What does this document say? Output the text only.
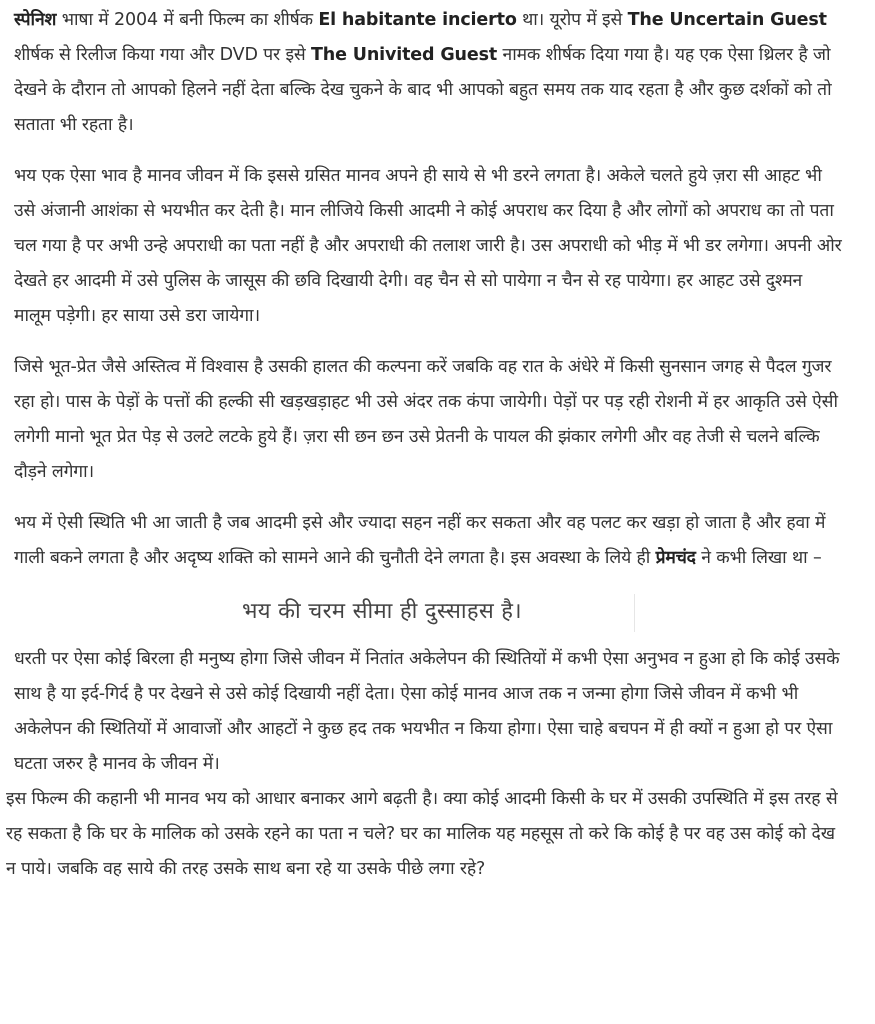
स्पेनिश भाषा में 2004 में बनी फिल्म का शीर्षक El habitante incierto था। यूरोप में इसे The Uncertain Guest शीर्षक से रिलीज किया गया और DVD पर इसे The Univited Guest नामक शीर्षक दिया गया है। यह एक ऐसा थ्रिलर है जो देखने के दौरान तो आपको हिलने नहीं देता बल्कि देख चुकने के बाद भी आपको बहुत समय तक याद रहता है और कुछ दर्शकों को तो सताता भी रहता है।

भय एक ऐसा भाव है मानव जीवन में कि इससे ग्रसित मानव अपने ही साये से भी डरने लगता है। अकेले चलते हुये ज़रा सी आहट भी उसे अंजानी आशंका से भयभीत कर देती है। मान लीजिये किसी आदमी ने कोई अपराध कर दिया है और लोगों को अपराध का तो पता चल गया है पर अभी उन्हे अपराधी का पता नहीं है और अपराधी की तलाश जारी है। उस अपराधी को भीड़ में भी डर लगेगा। अपनी ओर देखते हर आदमी में उसे पुलिस के जासूस की छवि दिखायी देगी। वह चैन से सो पायेगा न चैन से रह पायेगा। हर आहट उसे दुश्मन मालूम पड़ेगी। हर साया उसे डरा जायेगा।

जिसे भूत-प्रेत जैसे अस्तित्व में विश्वास है उसकी हालत की कल्पना करें जबकि वह रात के अंधेरे में किसी सुनसान जगह से पैदल गुजर रहा हो। पास के पेड़ों के पत्तों की हल्की सी खड़खड़ाहट भी उसे अंदर तक कंपा जायेगी। पेड़ों पर पड़ रही रोशनी में हर आकृति उसे ऐसी लगेगी मानो भूत प्रेत पेड़ से उलटे लटके हुये हैं। ज़रा सी छन छन उसे प्रेतनी के पायल की झंकार लगेगी और वह तेजी से चलने बल्कि दौड़ने लगेगा।

भय में ऐसी स्थिति भी आ जाती है जब आदमी इसे और ज्यादा सहन नहीं कर सकता और वह पलट कर खड़ा हो जाता है और हवा में गाली बकने लगता है और अदृष्य शक्ति को सामने आने की चुनौती देने लगता है। इस अवस्था के लिये ही प्रेमचंद ने कभी लिखा था –

भय की चरम सीमा ही दुस्साहस है।

धरती पर ऐसा कोई बिरला ही मनुष्य होगा जिसे जीवन में नितांत अकेलेपन की स्थितियों में कभी ऐसा अनुभव न हुआ हो कि कोई उसके साथ है या इर्द-गिर्द है पर देखने से उसे कोई दिखायी नहीं देता। ऐसा कोई मानव आज तक न जन्मा होगा जिसे जीवन में कभी भी अकेलेपन की स्थितियों में आवाजों और आहटों ने कुछ हद तक भयभीत न किया होगा। ऐसा चाहे बचपन में ही क्यों न हुआ हो पर ऐसा घटता जरुर है मानव के जीवन में।

इस फिल्म की कहानी भी मानव भय को आधार बनाकर आगे बढ़ती है। क्या कोई आदमी किसी के घर में उसकी उपस्थिति में इस तरह से रह सकता है कि घर के मालिक को उसके रहने का पता न चले? घर का मालिक यह महसूस तो करे कि कोई है पर वह उस कोई को देख न पाये। जबकि वह साये की तरह उसके साथ बना रहे या उसके पीछे लगा रहे?
